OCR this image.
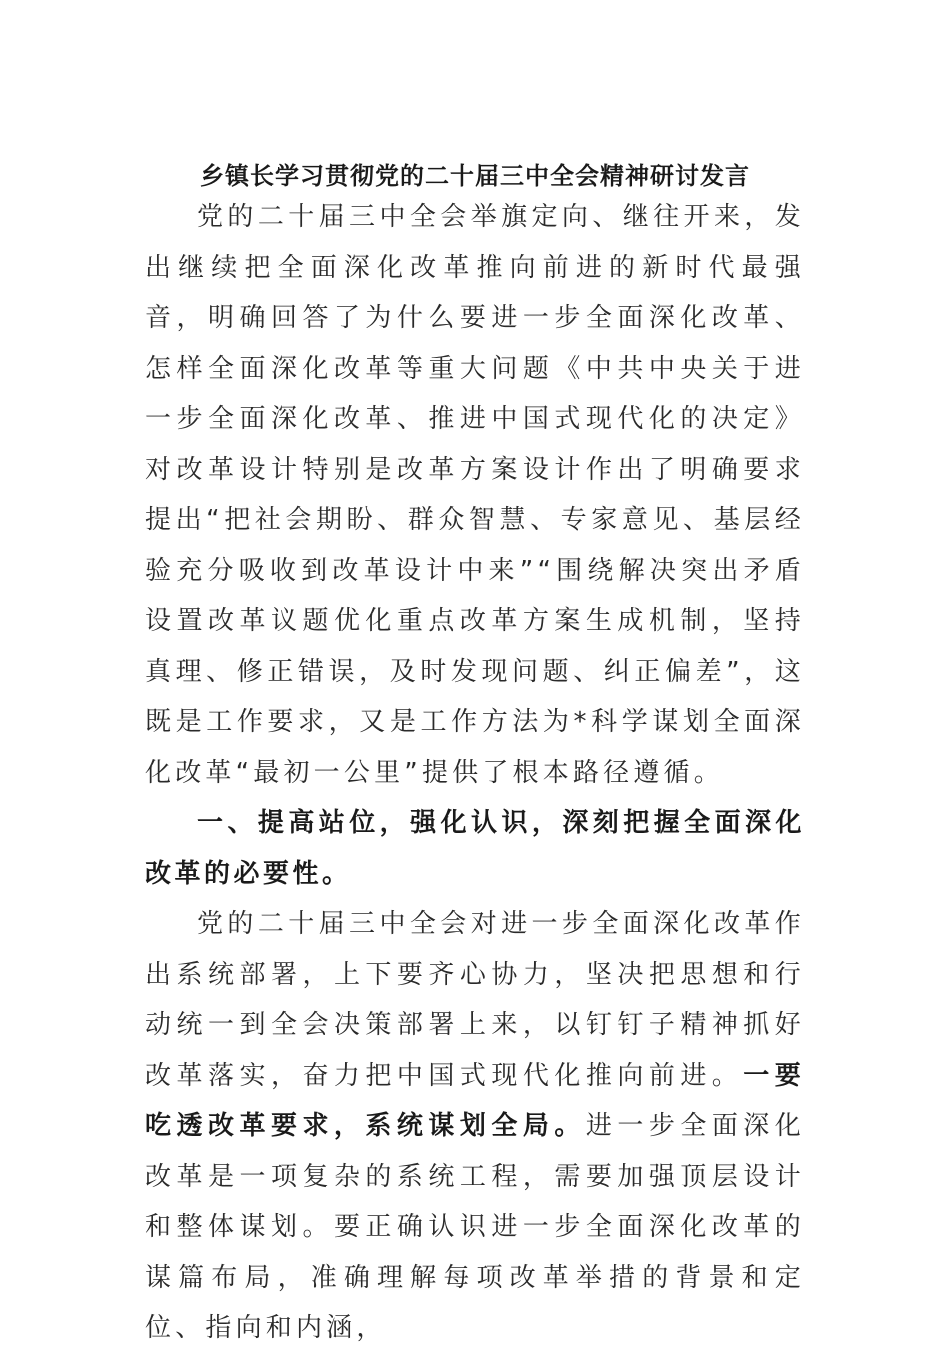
乡镇长学习贯彻党的二十届三中全会精神研讨发言

党的二十届三中全会举旗定向、继往开来，发出继续把全面深化改革推向前进的新时代最强音，明确回答了为什么要进一步全面深化改革、怎样全面深化改革等重大问题《中共中央关于进一步全面深化改革、推进中国式现代化的决定》对改革设计特别是改革方案设计作出了明确要求提出“把社会期盼、群众智慧、专家意见、基层经验充分吸收到改革设计中来”“围绕解决突出矛盾设置改革议题优化重点改革方案生成机制，坚持真理、修正错误，及时发现问题、纠正偏差”，这既是工作要求，又是工作方法为*科学谋划全面深化改革“最初一公里”提供了根本路径遵循。

一、提高站位，强化认识，深刻把握全面深化改革的必要性。

党的二十届三中全会对进一步全面深化改革作出系统部署，上下要齐心协力，坚决把思想和行动统一到全会决策部署上来，以钉钉子精神抓好改革落实，奋力把中国式现代化推向前进。一要吃透改革要求，系统谋划全局。进一步全面深化改革是一项复杂的系统工程，需要加强顶层设计和整体谋划。要正确认识进一步全面深化改革的谋篇布局，准确理解每项改革举措的背景和定位、指向和内涵，
